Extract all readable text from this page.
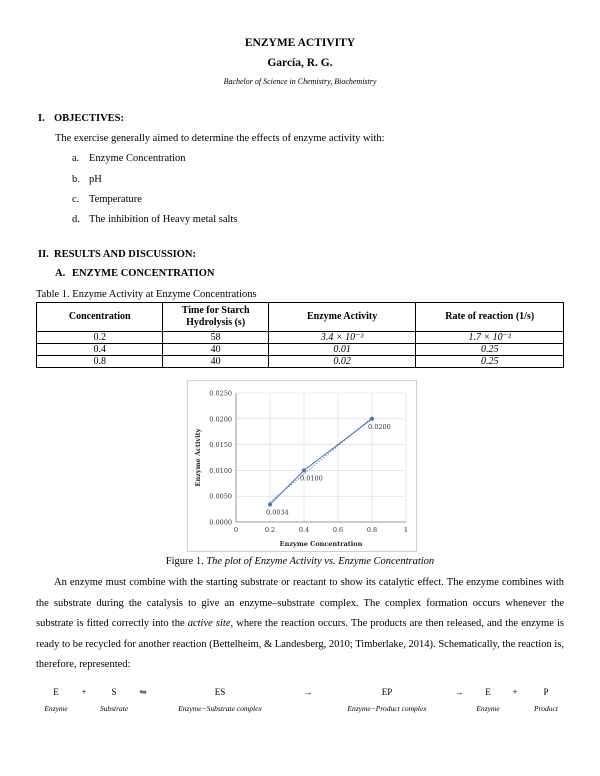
ENZYME ACTIVITY
García, R. G.
Bachelor of Science in Chemistry, Biochemistry
I. OBJECTIVES:
The exercise generally aimed to determine the effects of enzyme activity with:
a. Enzyme Concentration
b. pH
c. Temperature
d. The inhibition of Heavy metal salts
II. RESULTS AND DISCUSSION:
A. ENZYME CONCENTRATION
Table 1. Enzyme Activity at Enzyme Concentrations
Concentration	Time for Starch Hydrolysis (s)	Enzyme Activity	Rate of reaction (1/s)
0.2	58	3.4 × 10⁻³	1.7 × 10⁻²
0.4	40	0.01	0.25
0.8	40	0.02	0.25
0.0000
0.0050
0.0100
0.0150
0.0200
0.0250
0	0.2	0.4	0.6	0.8	1
Enzyme Concentration
Enzyme Activity
0.0034
0.0100
0.0200
Figure 1. The plot of Enzyme Activity vs. Enzyme Concentration
An enzyme must combine with the starting substrate or reactant to show its catalytic effect. The enzyme combines with the substrate during the catalysis to give an enzyme–substrate complex. The complex formation occurs whenever the substrate is fitted correctly into the active site, where the reaction occurs. The products are then released, and the enzyme is ready to be recycled for another reaction (Bettelheim, & Landesberg, 2010; Timberlake, 2014). Schematically, the reaction is, therefore, represented:
E	+	S	⇋	ES	→	EP	→	E	+	P
Enzyme	Substrate	Enzyme−Substrate complex	Enzyme−Product complex	Enzyme	Product
